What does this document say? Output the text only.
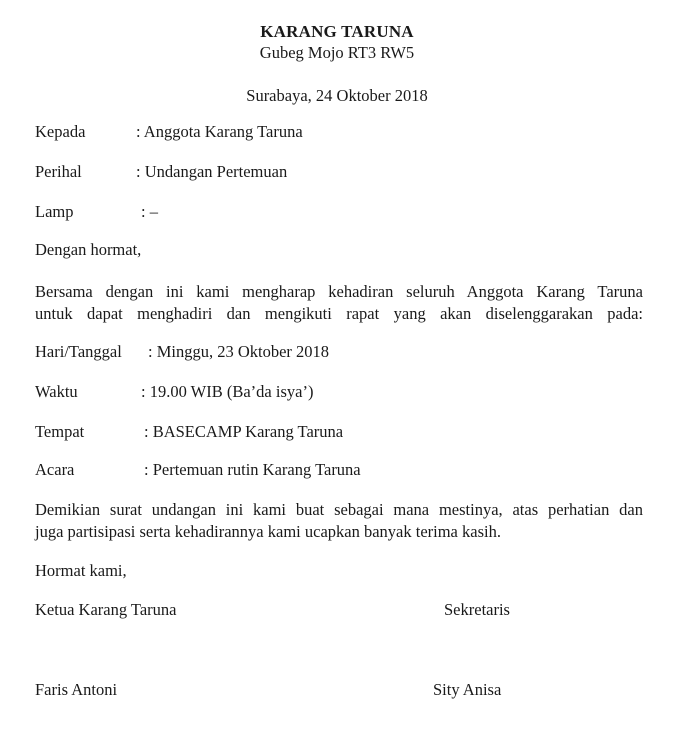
KARANG TARUNA
Gubeg Mojo RT3 RW5
Surabaya, 24 Oktober 2018
Kepada	: Anggota Karang Taruna
Perihal	: Undangan Pertemuan
Lamp	: –
Dengan hormat,
Bersama dengan ini kami mengharap kehadiran seluruh Anggota Karang Taruna
untuk dapat menghadiri dan mengikuti rapat yang akan diselenggarakan pada:
Hari/Tanggal : Minggu, 23 Oktober 2018
Waktu	: 19.00 WIB (Ba’da isya’)
Tempat	: BASECAMP Karang Taruna
Acara	: Pertemuan rutin Karang Taruna
Demikian surat undangan ini kami buat sebagai mana mestinya, atas perhatian dan
juga partisipasi serta kehadirannya kami ucapkan banyak terima kasih.
Hormat kami,
Ketua Karang Taruna	Sekretaris
Faris Antoni	Sity Anisa
